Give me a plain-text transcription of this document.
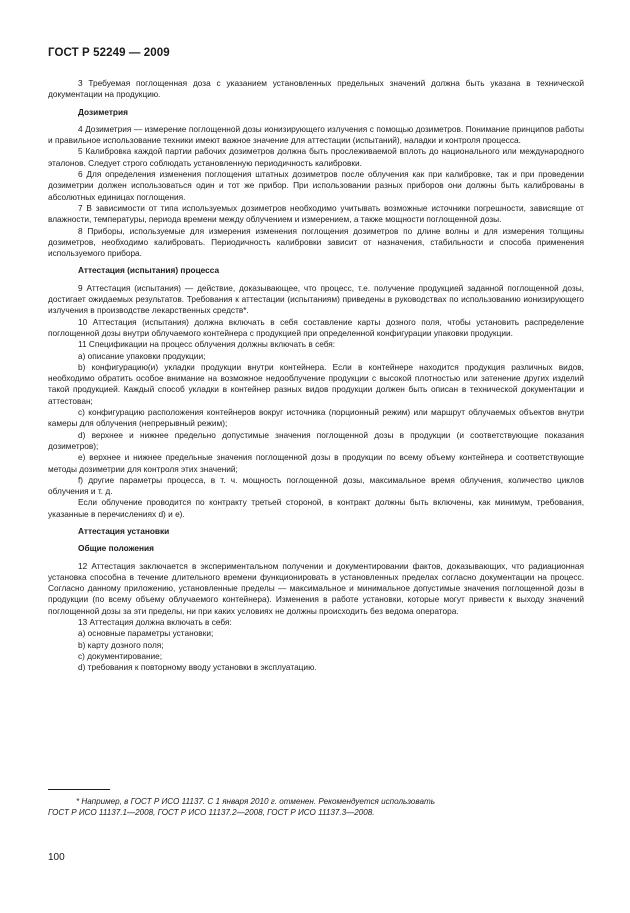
ГОСТ Р 52249 — 2009

3 Требуемая поглощенная доза с указанием установленных предельных значений должна быть указана в технической документации на продукцию.

Дозиметрия

4 Дозиметрия — измерение поглощенной дозы ионизирующего излучения с помощью дозиметров. Понимание принципов работы и правильное использование техники имеют важное значение для аттестации (испытаний), наладки и контроля процесса.

5 Калибровка каждой партии рабочих дозиметров должна быть прослеживаемой вплоть до национального или международного эталонов. Следует строго соблюдать установленную периодичность калибровки.

6 Для определения изменения поглощения штатных дозиметров после облучения как при калибровке, так и при проведении дозиметрии должен использоваться один и тот же прибор. При использовании разных приборов они должны быть калиброваны в абсолютных единицах поглощения.

7 В зависимости от типа используемых дозиметров необходимо учитывать возможные источники погрешности, зависящие от влажности, температуры, периода времени между облучением и измерением, а также мощности поглощенной дозы.

8 Приборы, используемые для измерения изменения поглощения дозиметров по длине волны и для измерения толщины дозиметров, необходимо калибровать. Периодичность калибровки зависит от назначения, стабильности и способа применения используемого прибора.

Аттестация (испытания) процесса

9 Аттестация (испытания) — действие, доказывающее, что процесс, т.е. получение продукцией заданной поглощенной дозы, достигает ожидаемых результатов. Требования к аттестации (испытаниям) приведены в руководствах по использованию ионизирующего излучения в производстве лекарственных средств*.

10 Аттестация (испытания) должна включать в себя составление карты дозного поля, чтобы установить распределение поглощенной дозы внутри облучаемого контейнера с продукцией при определенной конфигурации упаковки продукции.

11 Спецификации на процесс облучения должны включать в себя:

a) описание упаковки продукции;

b) конфигурацию(и) укладки продукции внутри контейнера. Если в контейнере находится продукция различных видов, необходимо обратить особое внимание на возможное недооблучение продукции с высокой плотностью или затенение других изделий такой продукцией. Каждый способ укладки в контейнер разных видов продукции должен быть описан в технической документации и аттестован;

c) конфигурацию расположения контейнеров вокруг источника (порционный режим) или маршрут облучаемых объектов внутри камеры для облучения (непрерывный режим);

d) верхнее и нижнее предельно допустимые значения поглощенной дозы в продукции (и соответствующие показания дозиметров);

e) верхнее и нижнее предельные значения поглощенной дозы в продукции по всему объему контейнера и соответствующие методы дозиметрии для контроля этих значений;

f) другие параметры процесса, в т. ч. мощность поглощенной дозы, максимальное время облучения, количество циклов облучения и т. д.

Если облучение проводится по контракту третьей стороной, в контракт должны быть включены, как минимум, требования, указанные в перечислениях d) и e).

Аттестация установки

Общие положения

12 Аттестация заключается в экспериментальном получении и документировании фактов, доказывающих, что радиационная установка способна в течение длительного времени функционировать в установленных пределах согласно документации на процесс. Согласно данному приложению, установленные пределы — максимальное и минимальное допустимые значения поглощенной дозы в продукции (по всему объему облучаемого контейнера). Изменения в работе установки, которые могут привести к выходу значений поглощенной дозы за эти пределы, ни при каких условиях не должны происходить без ведома оператора.

13 Аттестация должна включать в себя:

a) основные параметры установки;

b) карту дозного поля;

c) документирование;

d) требования к повторному вводу установки в эксплуатацию.

* Например, в ГОСТ Р ИСО 11137. С 1 января 2010 г. отменен. Рекомендуется использовать
ГОСТ Р ИСО 11137.1—2008, ГОСТ Р ИСО 11137.2—2008, ГОСТ Р ИСО 11137.3—2008.
100
